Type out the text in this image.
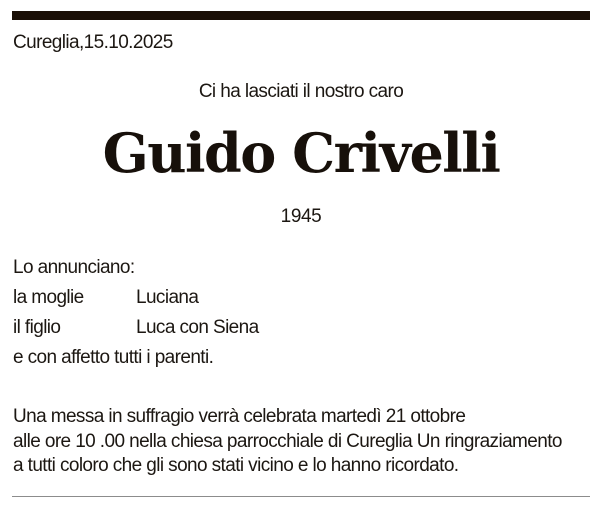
Cureglia,15.10.2025
Ci ha lasciati il nostro caro
Guido Crivelli
1945
Lo annunciano:
la moglie	Luciana
il figlio	Luca con Siena
e con affetto tutti i parenti.
Una messa in suffragio verrà celebrata martedì 21 ottobre
alle ore 10 .00 nella chiesa parrocchiale di Cureglia Un ringraziamento
a tutti coloro che gli sono stati vicino e lo hanno ricordato.
